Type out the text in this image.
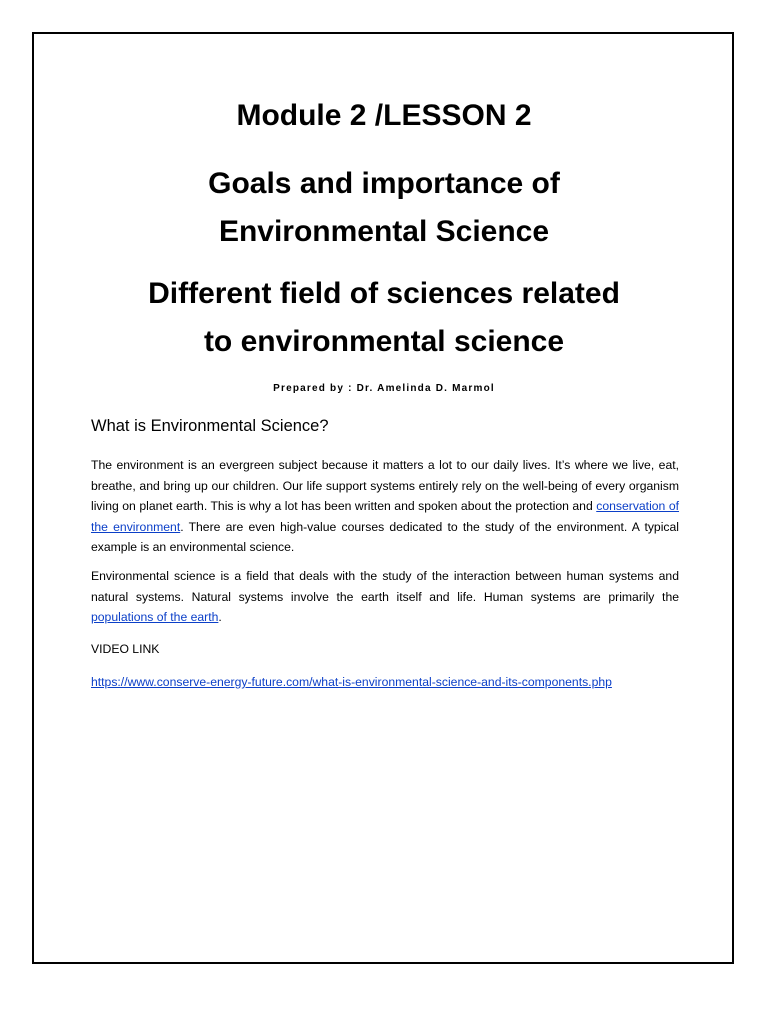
Module 2 /LESSON 2
Goals and importance of
Environmental Science
Different field of sciences related
to environmental science
Prepared by : Dr. Amelinda D. Marmol
What is Environmental Science?

The environment is an evergreen subject because it matters a lot to our daily lives. It’s where we live, eat, breathe, and bring up our children. Our life support systems entirely rely on the well-being of every organism living on planet earth. This is why a lot has been written and spoken about the protection and conservation of the environment. There are even high-value courses dedicated to the study of the environment. A typical example is an environmental science.

Environmental science is a field that deals with the study of the interaction between human systems and natural systems. Natural systems involve the earth itself and life. Human systems are primarily the populations of the earth.

VIDEO LINK
https://www.conserve-energy-future.com/what-is-environmental-science-and-its-components.php
